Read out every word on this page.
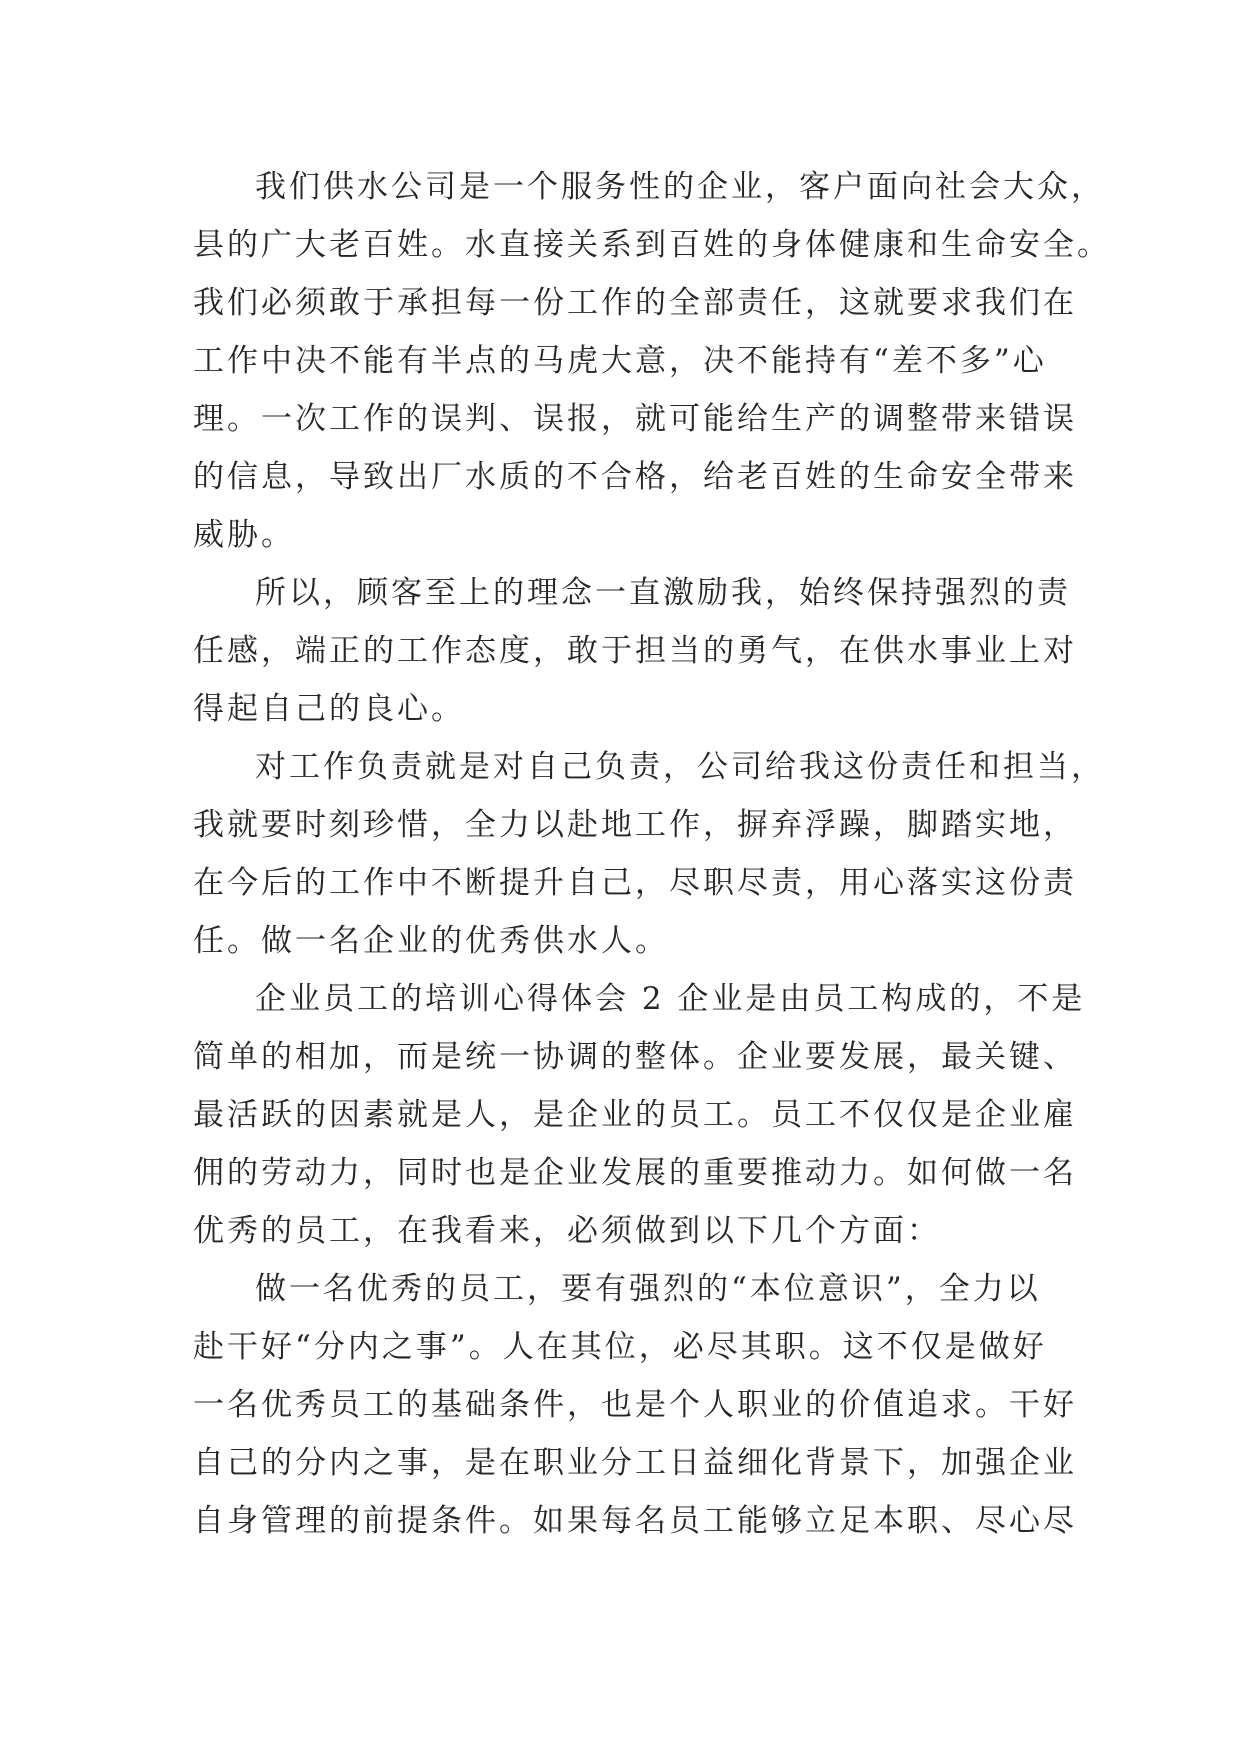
我们供水公司是一个服务性的企业，客户面向社会大众，
县的广大老百姓。水直接关系到百姓的身体健康和生命安全。
我们必须敢于承担每一份工作的全部责任，这就要求我们在
工作中决不能有半点的马虎大意，决不能持有“差不多”心
理。一次工作的误判、误报，就可能给生产的调整带来错误
的信息，导致出厂水质的不合格，给老百姓的生命安全带来
威胁。
所以，顾客至上的理念一直激励我，始终保持强烈的责
任感，端正的工作态度，敢于担当的勇气，在供水事业上对
得起自己的良心。
对工作负责就是对自己负责，公司给我这份责任和担当，
我就要时刻珍惜，全力以赴地工作，摒弃浮躁，脚踏实地，
在今后的工作中不断提升自己，尽职尽责，用心落实这份责
任。做一名企业的优秀供水人。
企业员工的培训心得体会 2 企业是由员工构成的，不是
简单的相加，而是统一协调的整体。企业要发展，最关键、
最活跃的因素就是人，是企业的员工。员工不仅仅是企业雇
佣的劳动力，同时也是企业发展的重要推动力。如何做一名
优秀的员工，在我看来，必须做到以下几个方面：
做一名优秀的员工，要有强烈的“本位意识”，全力以
赴干好“分内之事”。人在其位，必尽其职。这不仅是做好
一名优秀员工的基础条件，也是个人职业的价值追求。干好
自己的分内之事，是在职业分工日益细化背景下，加强企业
自身管理的前提条件。如果每名员工能够立足本职、尽心尽
